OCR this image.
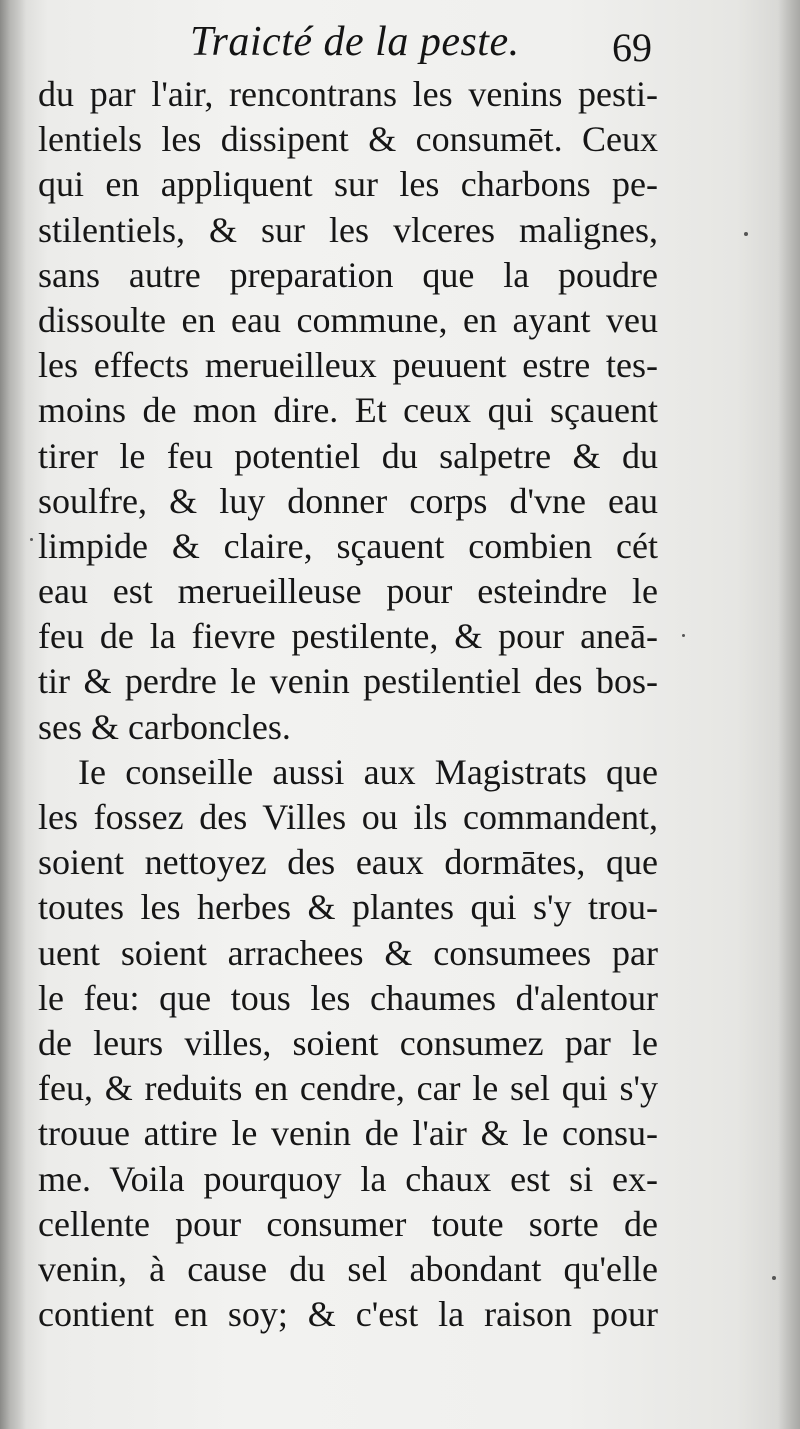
Traicté de la peste. 69
du par l'air, rencontrans les venins pesti-
lentiels les dissipent & consumēt. Ceux
qui en appliquent sur les charbons pe-
stilentiels, & sur les vlceres malignes,
sans autre preparation que la poudre
dissoulte en eau commune, en ayant veu
les effects merueilleux peuuent estre tes-
moins de mon dire. Et ceux qui sçauent
tirer le feu potentiel du salpetre & du
soulfre, & luy donner corps d'vne eau
limpide & claire, sçauent combien cét
eau est merueilleuse pour esteindre le
feu de la fievre pestilente, & pour aneā-
tir & perdre le venin pestilentiel des bos-
ses & carboncles.
Ie conseille aussi aux Magistrats que
les fossez des Villes ou ils commandent,
soient nettoyez des eaux dormātes, que
toutes les herbes & plantes qui s'y trou-
uent soient arrachees & consumees par
le feu: que tous les chaumes d'alentour
de leurs villes, soient consumez par le
feu, & reduits en cendre, car le sel qui s'y
trouue attire le venin de l'air & le consu-
me. Voila pourquoy la chaux est si ex-
cellente pour consumer toute sorte de
venin, à cause du sel abondant qu'elle
contient en soy; & c'est la raison pour
